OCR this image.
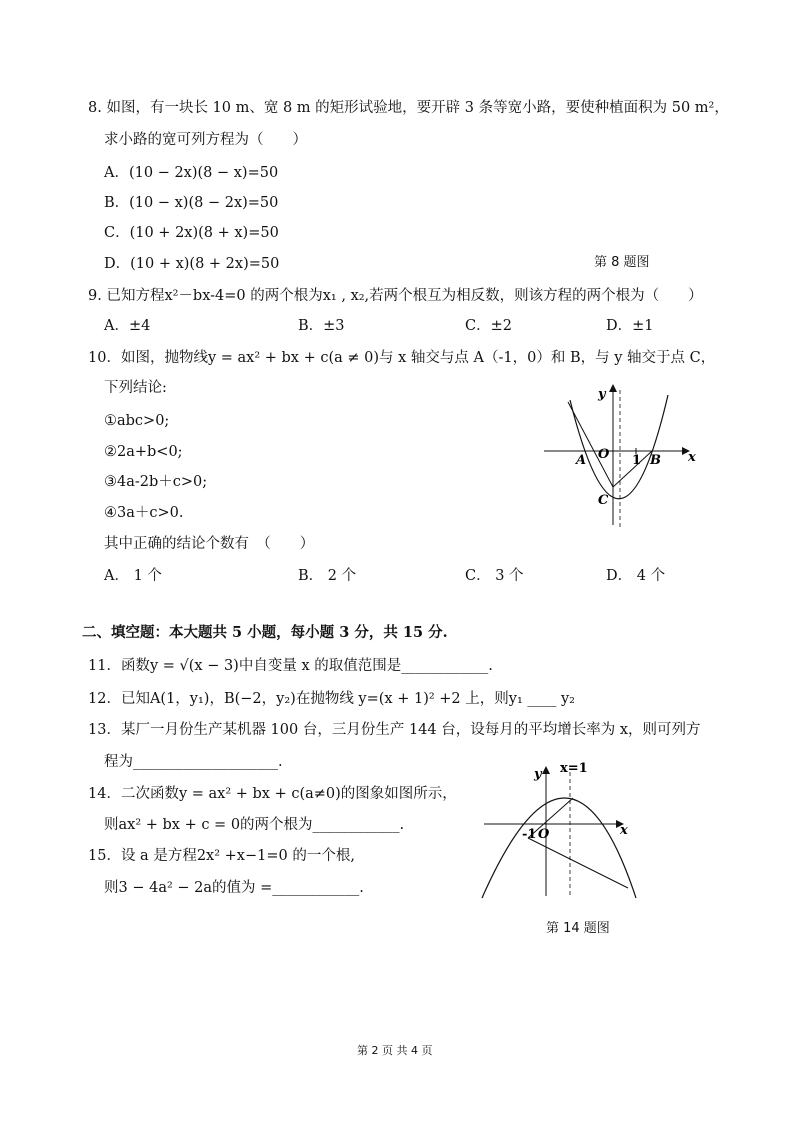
8. 如图，有一块长 10 m、宽 8 m 的矩形试验地，要开辟 3 条等宽小路，要使种植面积为 50 m²，
求小路的宽可列方程为（　　）
A．(10 − 2x)(8 − x)=50
B．(10 − x)(8 − 2x)=50
C．(10 + 2x)(8 + x)=50
D．(10 + x)(8 + 2x)=50	第 8 题图
9. 已知方程x²－bx-4=0 的两个根为x₁ , x₂,若两个根互为相反数，则该方程的两个根为（　　）
A．±4	B．±3	C．±2	D．±1
10．如图，抛物线y = ax² + bx + c(a ≠ 0)与 x 轴交与点 A（-1，0）和 B，与 y 轴交于点 C，
下列结论:
①abc>0;
②2a+b<0;
③4a-2b＋c>0;
④3a＋c>0.
其中正确的结论个数有　（　　）
A． 1 个	B． 2 个	C． 3 个	D． 4 个
y
x
A O 1 B
C
二、填空题：本大题共 5 小题，每小题 3 分，共 15 分.
11．函数y = √(x − 3)中自变量 x 的取值范围是____________.
12．已知A(1，y₁)，B(−2，y₂)在抛物线 y=(x + 1)² +2 上，则y₁ ____ y₂
13．某厂一月份生产某机器 100 台，三月份生产 144 台，设每月的平均增长率为 x，则可列方
程为____________________.
14．二次函数y = ax² + bx + c(a≠0)的图象如图所示，
则ax² + bx + c = 0的两个根为____________.
15．设 a 是方程2x² +x−1=0 的一个根,
则3 − 4a² − 2a的值为 =____________.
y x=1
-1 O	x
第 14 题图
第 2 页 共 4 页
